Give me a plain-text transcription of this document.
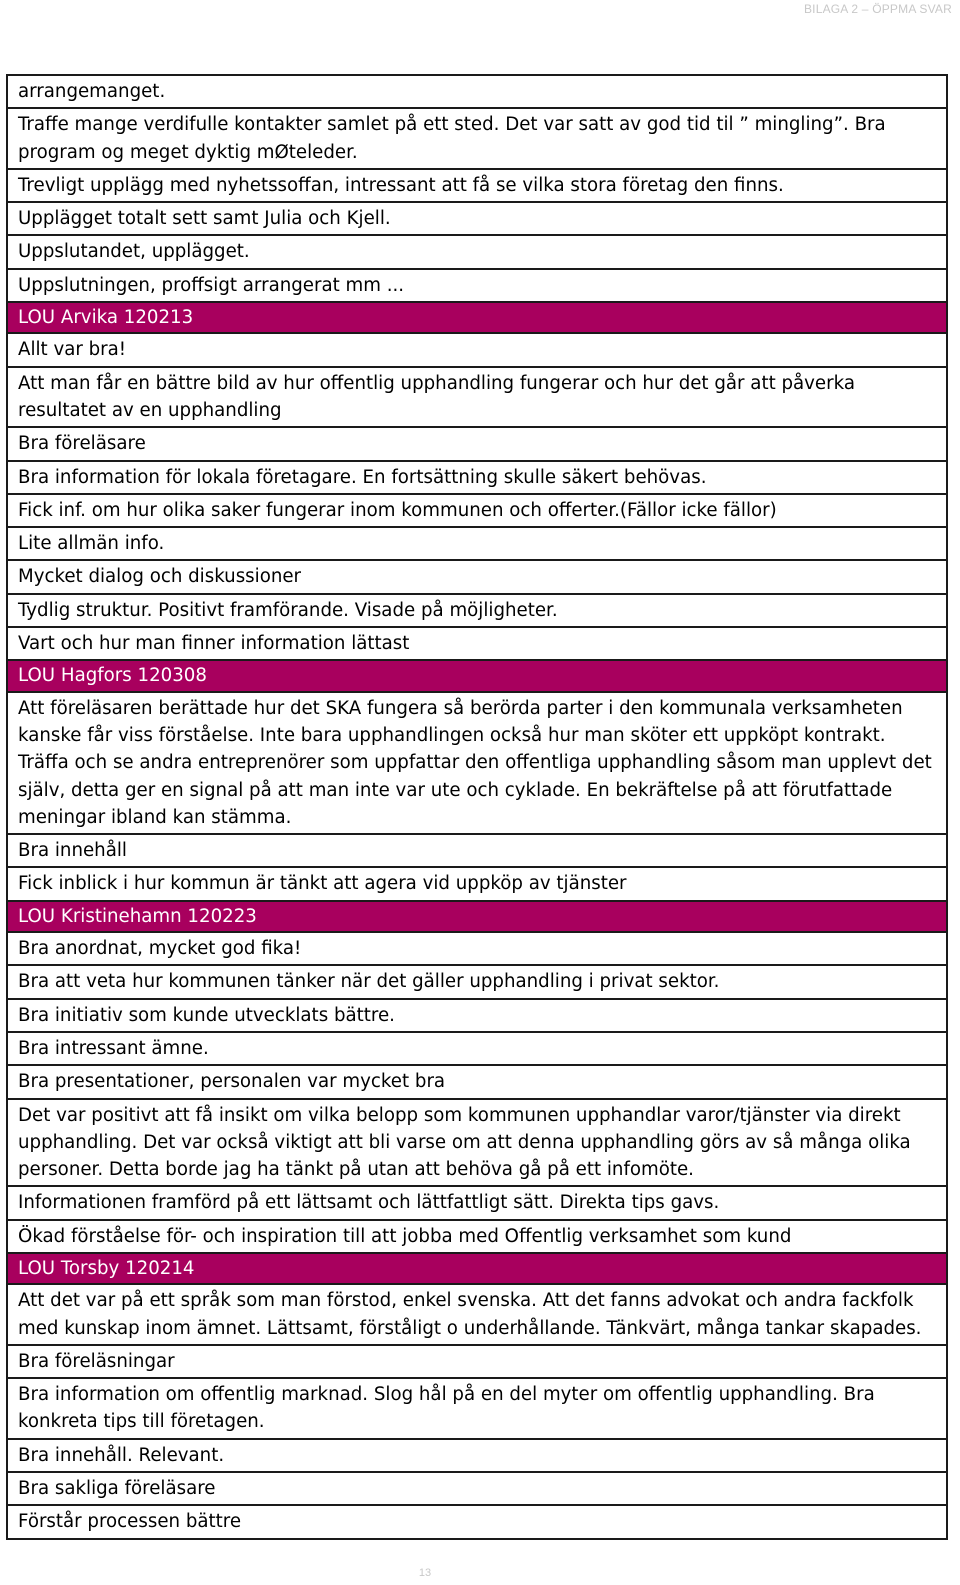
BILAGA 2 – ÖPPMA SVAR
arrangemanget.
Traffe mange verdifulle kontakter samlet på ett sted. Det var satt av god tid til ” mingling”. Bra program og meget dyktig mØteleder.
Trevligt upplägg med nyhetssoffan, intressant att få se vilka stora företag den finns.
Upplägget totalt sett samt Julia och Kjell.
Uppslutandet, upplägget.
Uppslutningen, proffsigt arrangerat mm ...
LOU Arvika 120213
Allt var bra!
Att man får en bättre bild av hur offentlig upphandling fungerar och hur det går att påverka resultatet av en upphandling
Bra föreläsare
Bra information för lokala företagare. En fortsättning skulle säkert behövas.
Fick inf. om hur olika saker fungerar inom kommunen och offerter.(Fällor icke fällor)
Lite allmän info.
Mycket dialog och diskussioner
Tydlig struktur. Positivt framförande. Visade på möjligheter.
Vart och hur man finner information lättast
LOU Hagfors 120308
Att föreläsaren berättade hur det SKA fungera så berörda parter i den kommunala verksamheten kanske får viss förståelse. Inte bara upphandlingen också hur man sköter ett uppköpt kontrakt. Träffa och se andra entreprenörer som uppfattar den offentliga upphandling såsom man upplevt det själv, detta ger en signal på att man inte var ute och cyklade. En bekräftelse på att förutfattade meningar ibland kan stämma.
Bra innehåll
Fick inblick i hur kommun är tänkt att agera vid uppköp av tjänster
LOU Kristinehamn 120223
Bra anordnat, mycket god fika!
Bra att veta hur kommunen tänker när det gäller upphandling i privat sektor.
Bra initiativ som kunde utvecklats bättre.
Bra intressant ämne.
Bra presentationer, personalen var mycket bra
Det var positivt att få insikt om vilka belopp som kommunen upphandlar varor/tjänster via direkt upphandling. Det var också viktigt att bli varse om att denna upphandling görs av så många olika personer. Detta borde jag ha tänkt på utan att behöva gå på ett infomöte.
Informationen framförd på ett lättsamt och lättfattligt sätt. Direkta tips gavs.
Ökad förståelse för- och inspiration till att jobba med Offentlig verksamhet som kund
LOU Torsby 120214
Att det var på ett språk som man förstod, enkel svenska. Att det fanns advokat och andra fackfolk med kunskap inom ämnet. Lättsamt, förståligt o underhållande. Tänkvärt, många tankar skapades.
Bra föreläsningar
Bra information om offentlig marknad. Slog hål på en del myter om offentlig upphandling. Bra konkreta tips till företagen.
Bra innehåll. Relevant.
Bra sakliga föreläsare
Förstår processen bättre
13
